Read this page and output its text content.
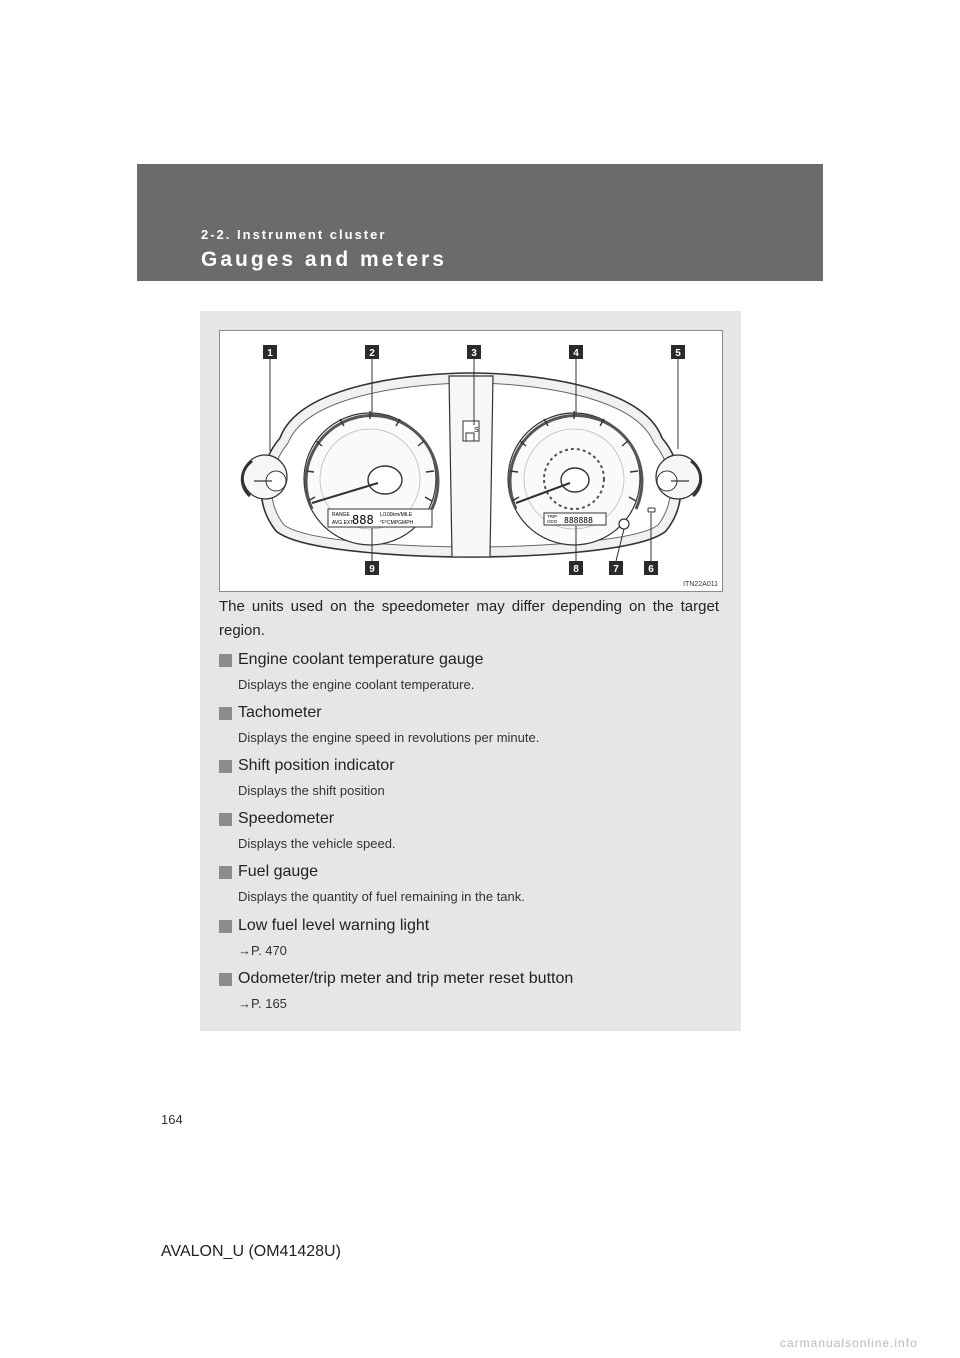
2-2. Instrument cluster
Gauges and meters
S
RANGE
AVG.EXT
888 L/100km/MILE
°F°CMPGMPH
TRIP
ODO 888888
1	2	3	4	5
6
7
8
9
ITN22A011
The units used on the speedometer may differ depending on the target region.
Engine coolant temperature gauge
Displays the engine coolant temperature.
Tachometer
Displays the engine speed in revolutions per minute.
Shift position indicator
Displays the shift position
Speedometer
Displays the vehicle speed.
Fuel gauge
Displays the quantity of fuel remaining in the tank.
Low fuel level warning light
→P. 470
Odometer/trip meter and trip meter reset button
→P. 165
164
AVALON_U (OM41428U)
carmanualsonline.info
